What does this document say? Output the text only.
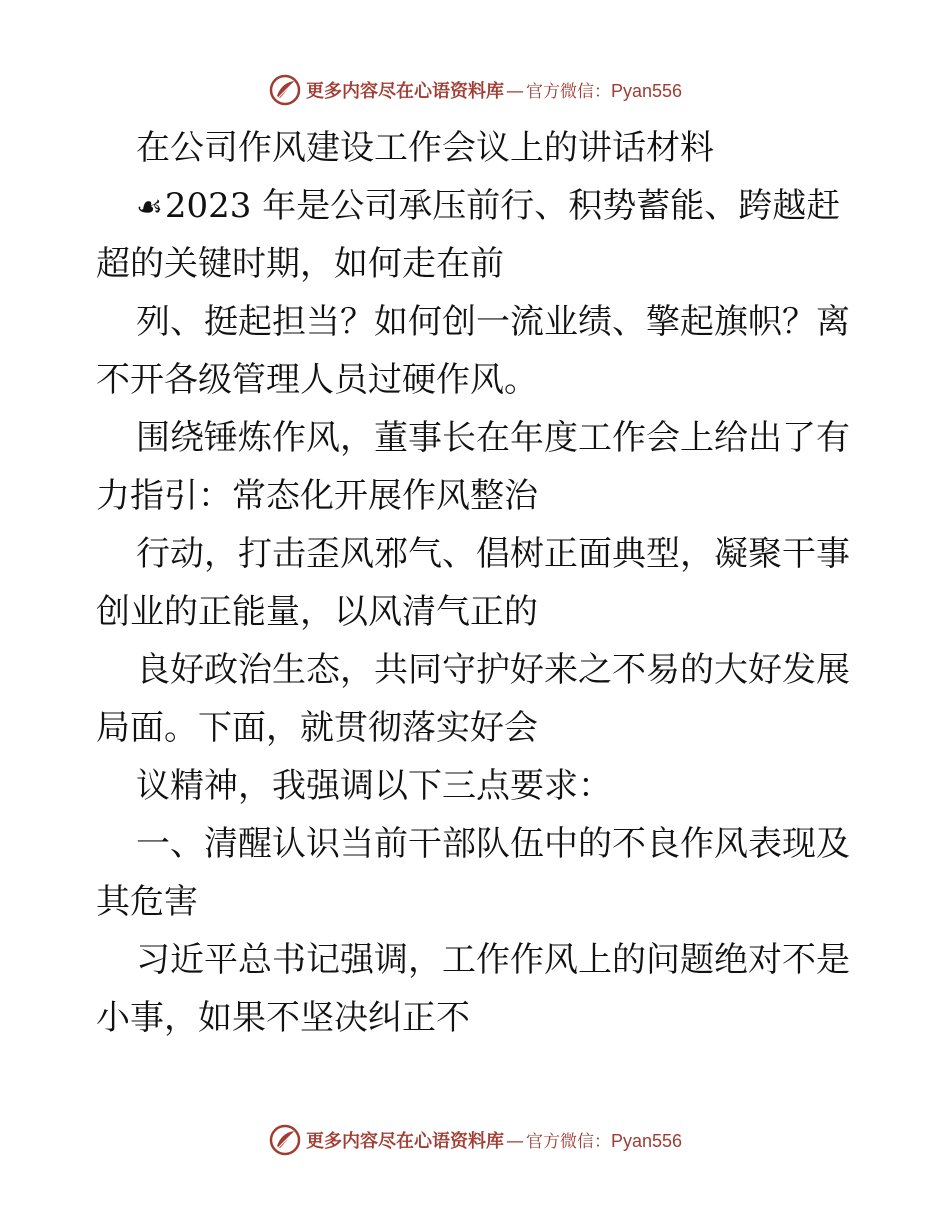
更多内容尽在心语资料库 — 官方微信： Pyan556
在公司作风建设工作会议上的讲话材料
☙2023 年是公司承压前行、积势蓄能、跨越赶
超的关键时期，如何走在前
列、挺起担当？如何创一流业绩、擎起旗帜？离
不开各级管理人员过硬作风。
围绕锤炼作风，董事长在年度工作会上给出了有
力指引：常态化开展作风整治
行动，打击歪风邪气、倡树正面典型，凝聚干事
创业的正能量，以风清气正的
良好政治生态，共同守护好来之不易的大好发展
局面。下面，就贯彻落实好会
议精神，我强调以下三点要求：
一、清醒认识当前干部队伍中的不良作风表现及
其危害
习近平总书记强调，工作作风上的问题绝对不是
小事，如果不坚决纠正不
更多内容尽在心语资料库 — 官方微信： Pyan556
